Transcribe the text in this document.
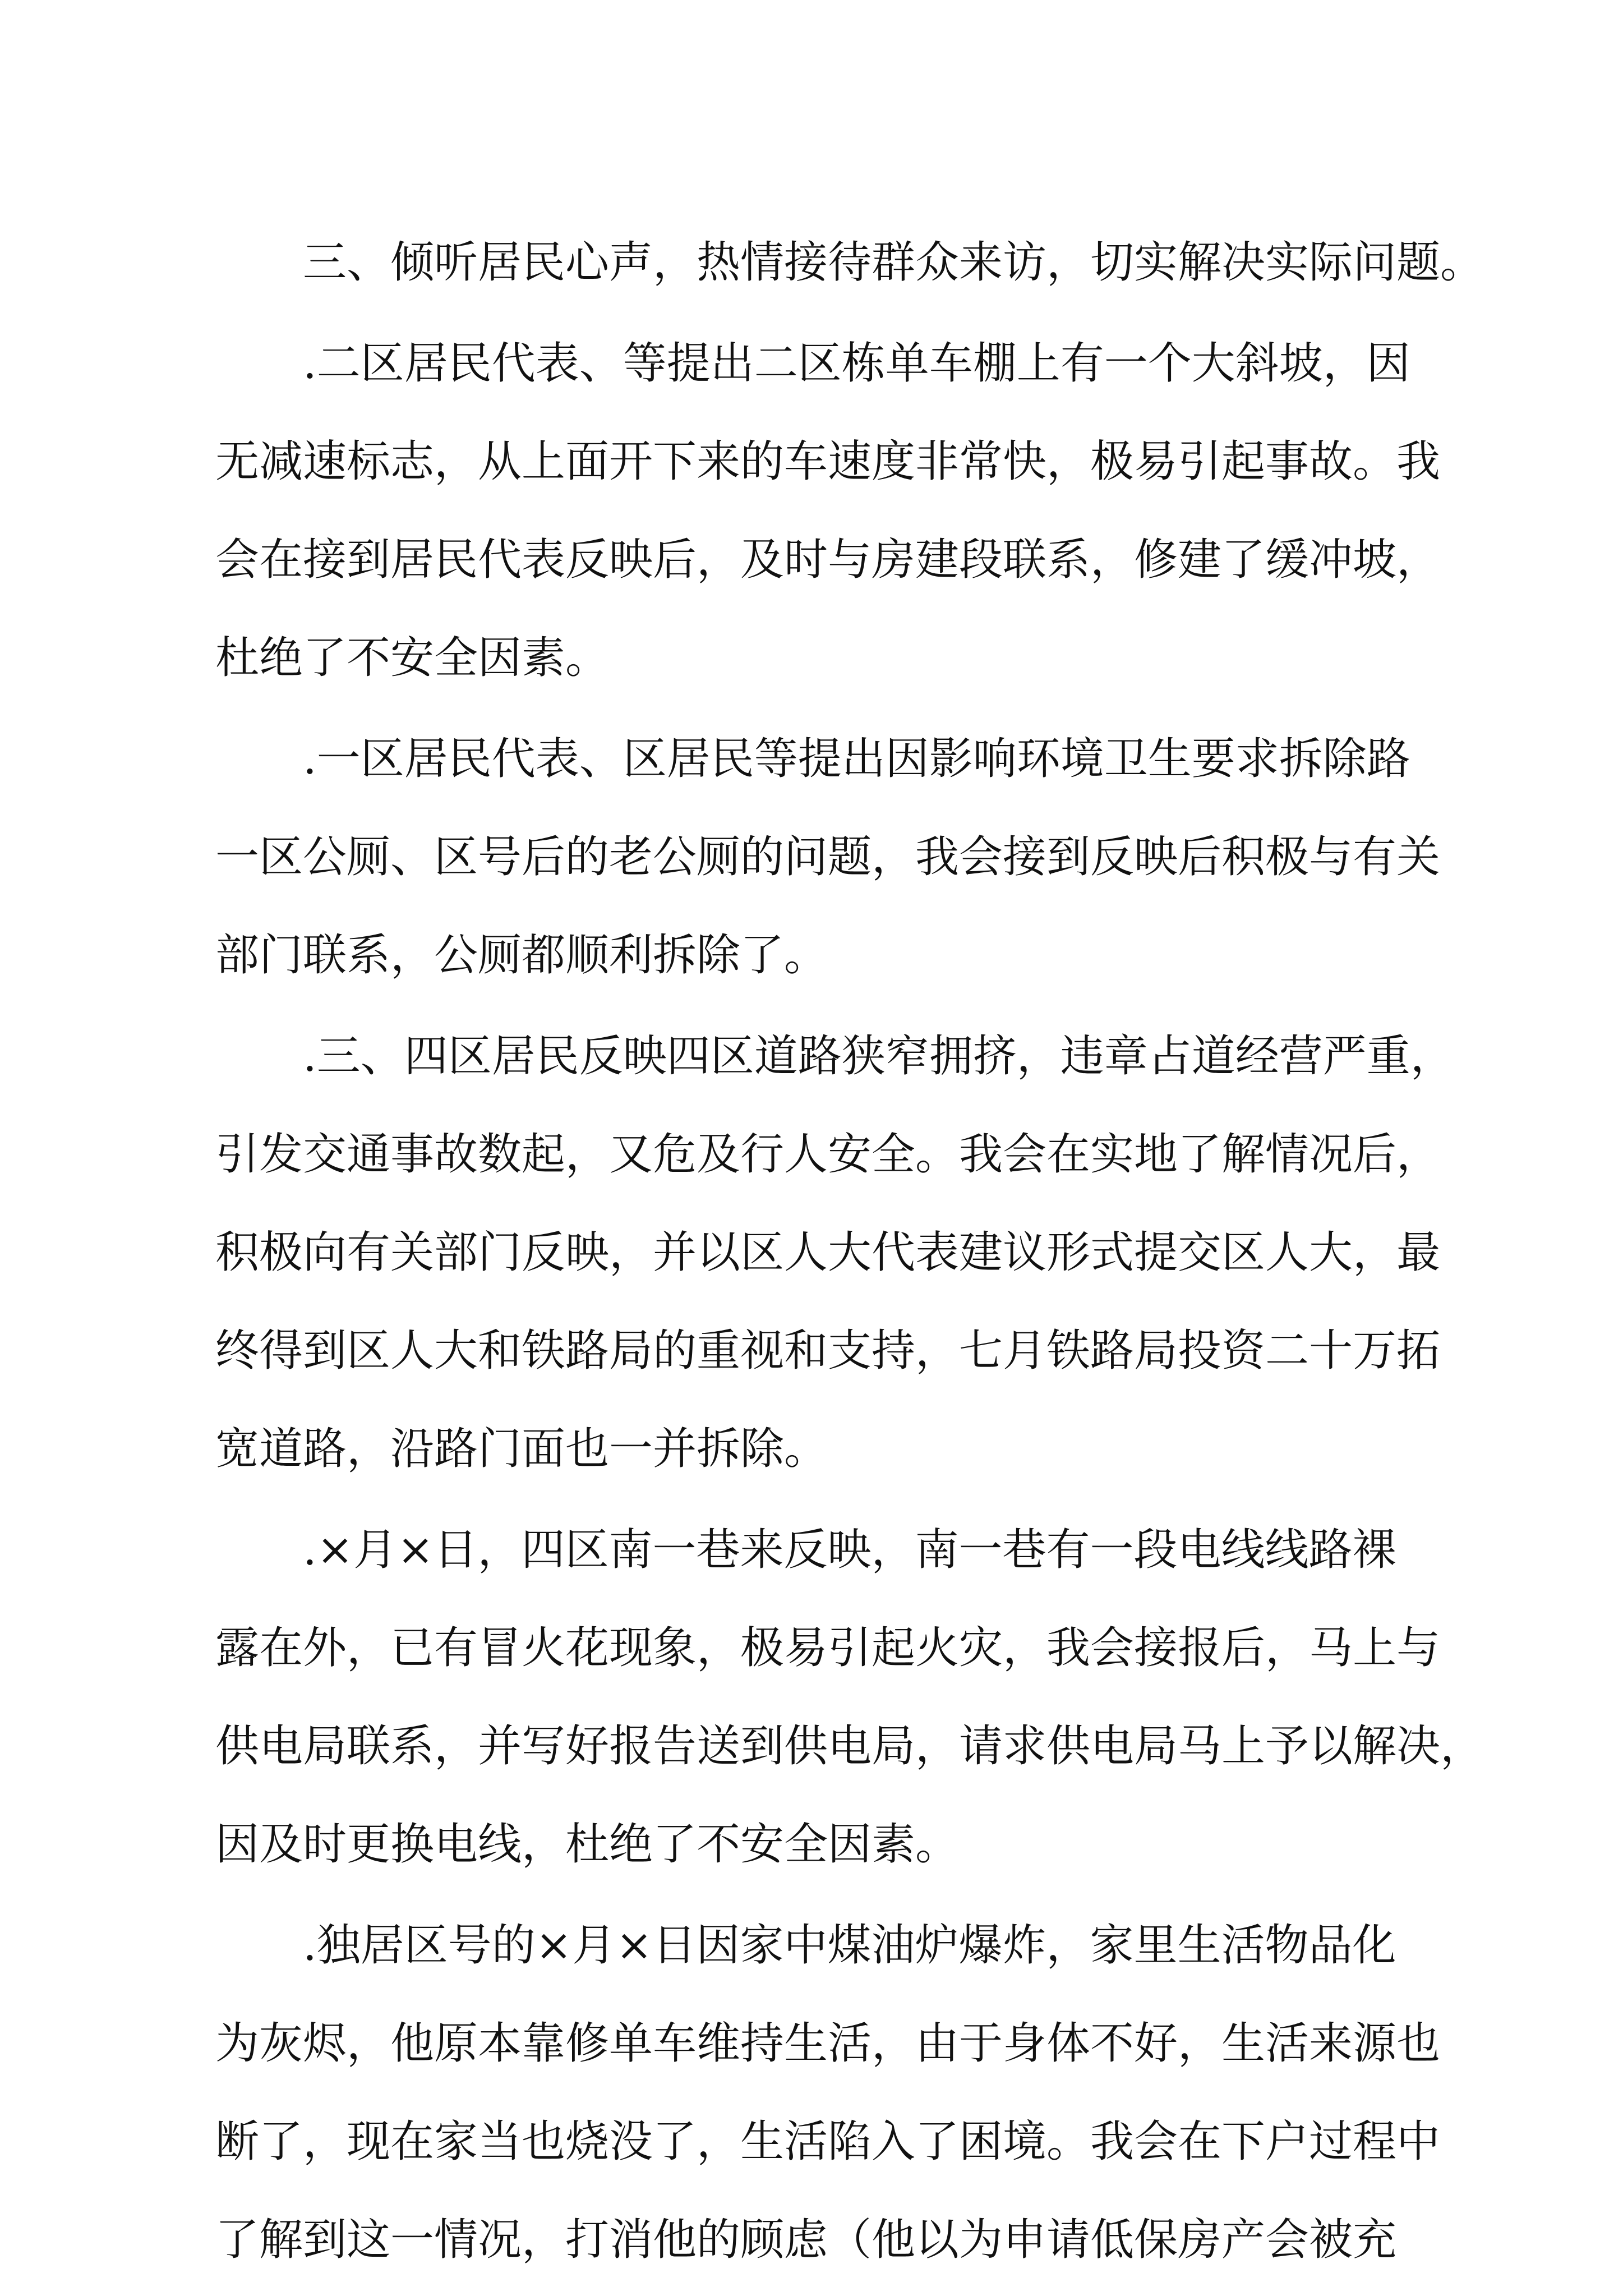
三、倾听居民心声，热情接待群众来访，切实解决实际问题。
.二区居民代表、等提出二区栋单车棚上有一个大斜坡，因
无减速标志，从上面开下来的车速度非常快，极易引起事故。我
会在接到居民代表反映后，及时与房建段联系，修建了缓冲坡，
杜绝了不安全因素。
.一区居民代表、区居民等提出因影响环境卫生要求拆除路
一区公厕、区号后的老公厕的问题，我会接到反映后积极与有关
部门联系，公厕都顺利拆除了。
.三、四区居民反映四区道路狭窄拥挤，违章占道经营严重，
引发交通事故数起，又危及行人安全。我会在实地了解情况后，
积极向有关部门反映，并以区人大代表建议形式提交区人大，最
终得到区人大和铁路局的重视和支持，七月铁路局投资二十万拓
宽道路，沿路门面也一并拆除。
.×月×日，四区南一巷来反映，南一巷有一段电线线路裸
露在外，已有冒火花现象，极易引起火灾，我会接报后，马上与
供电局联系，并写好报告送到供电局，请求供电局马上予以解决，
因及时更换电线，杜绝了不安全因素。
.独居区号的×月×日因家中煤油炉爆炸，家里生活物品化
为灰烬，他原本靠修单车维持生活，由于身体不好，生活来源也
断了，现在家当也烧没了，生活陷入了困境。我会在下户过程中
了解到这一情况，打消他的顾虑（他以为申请低保房产会被充
